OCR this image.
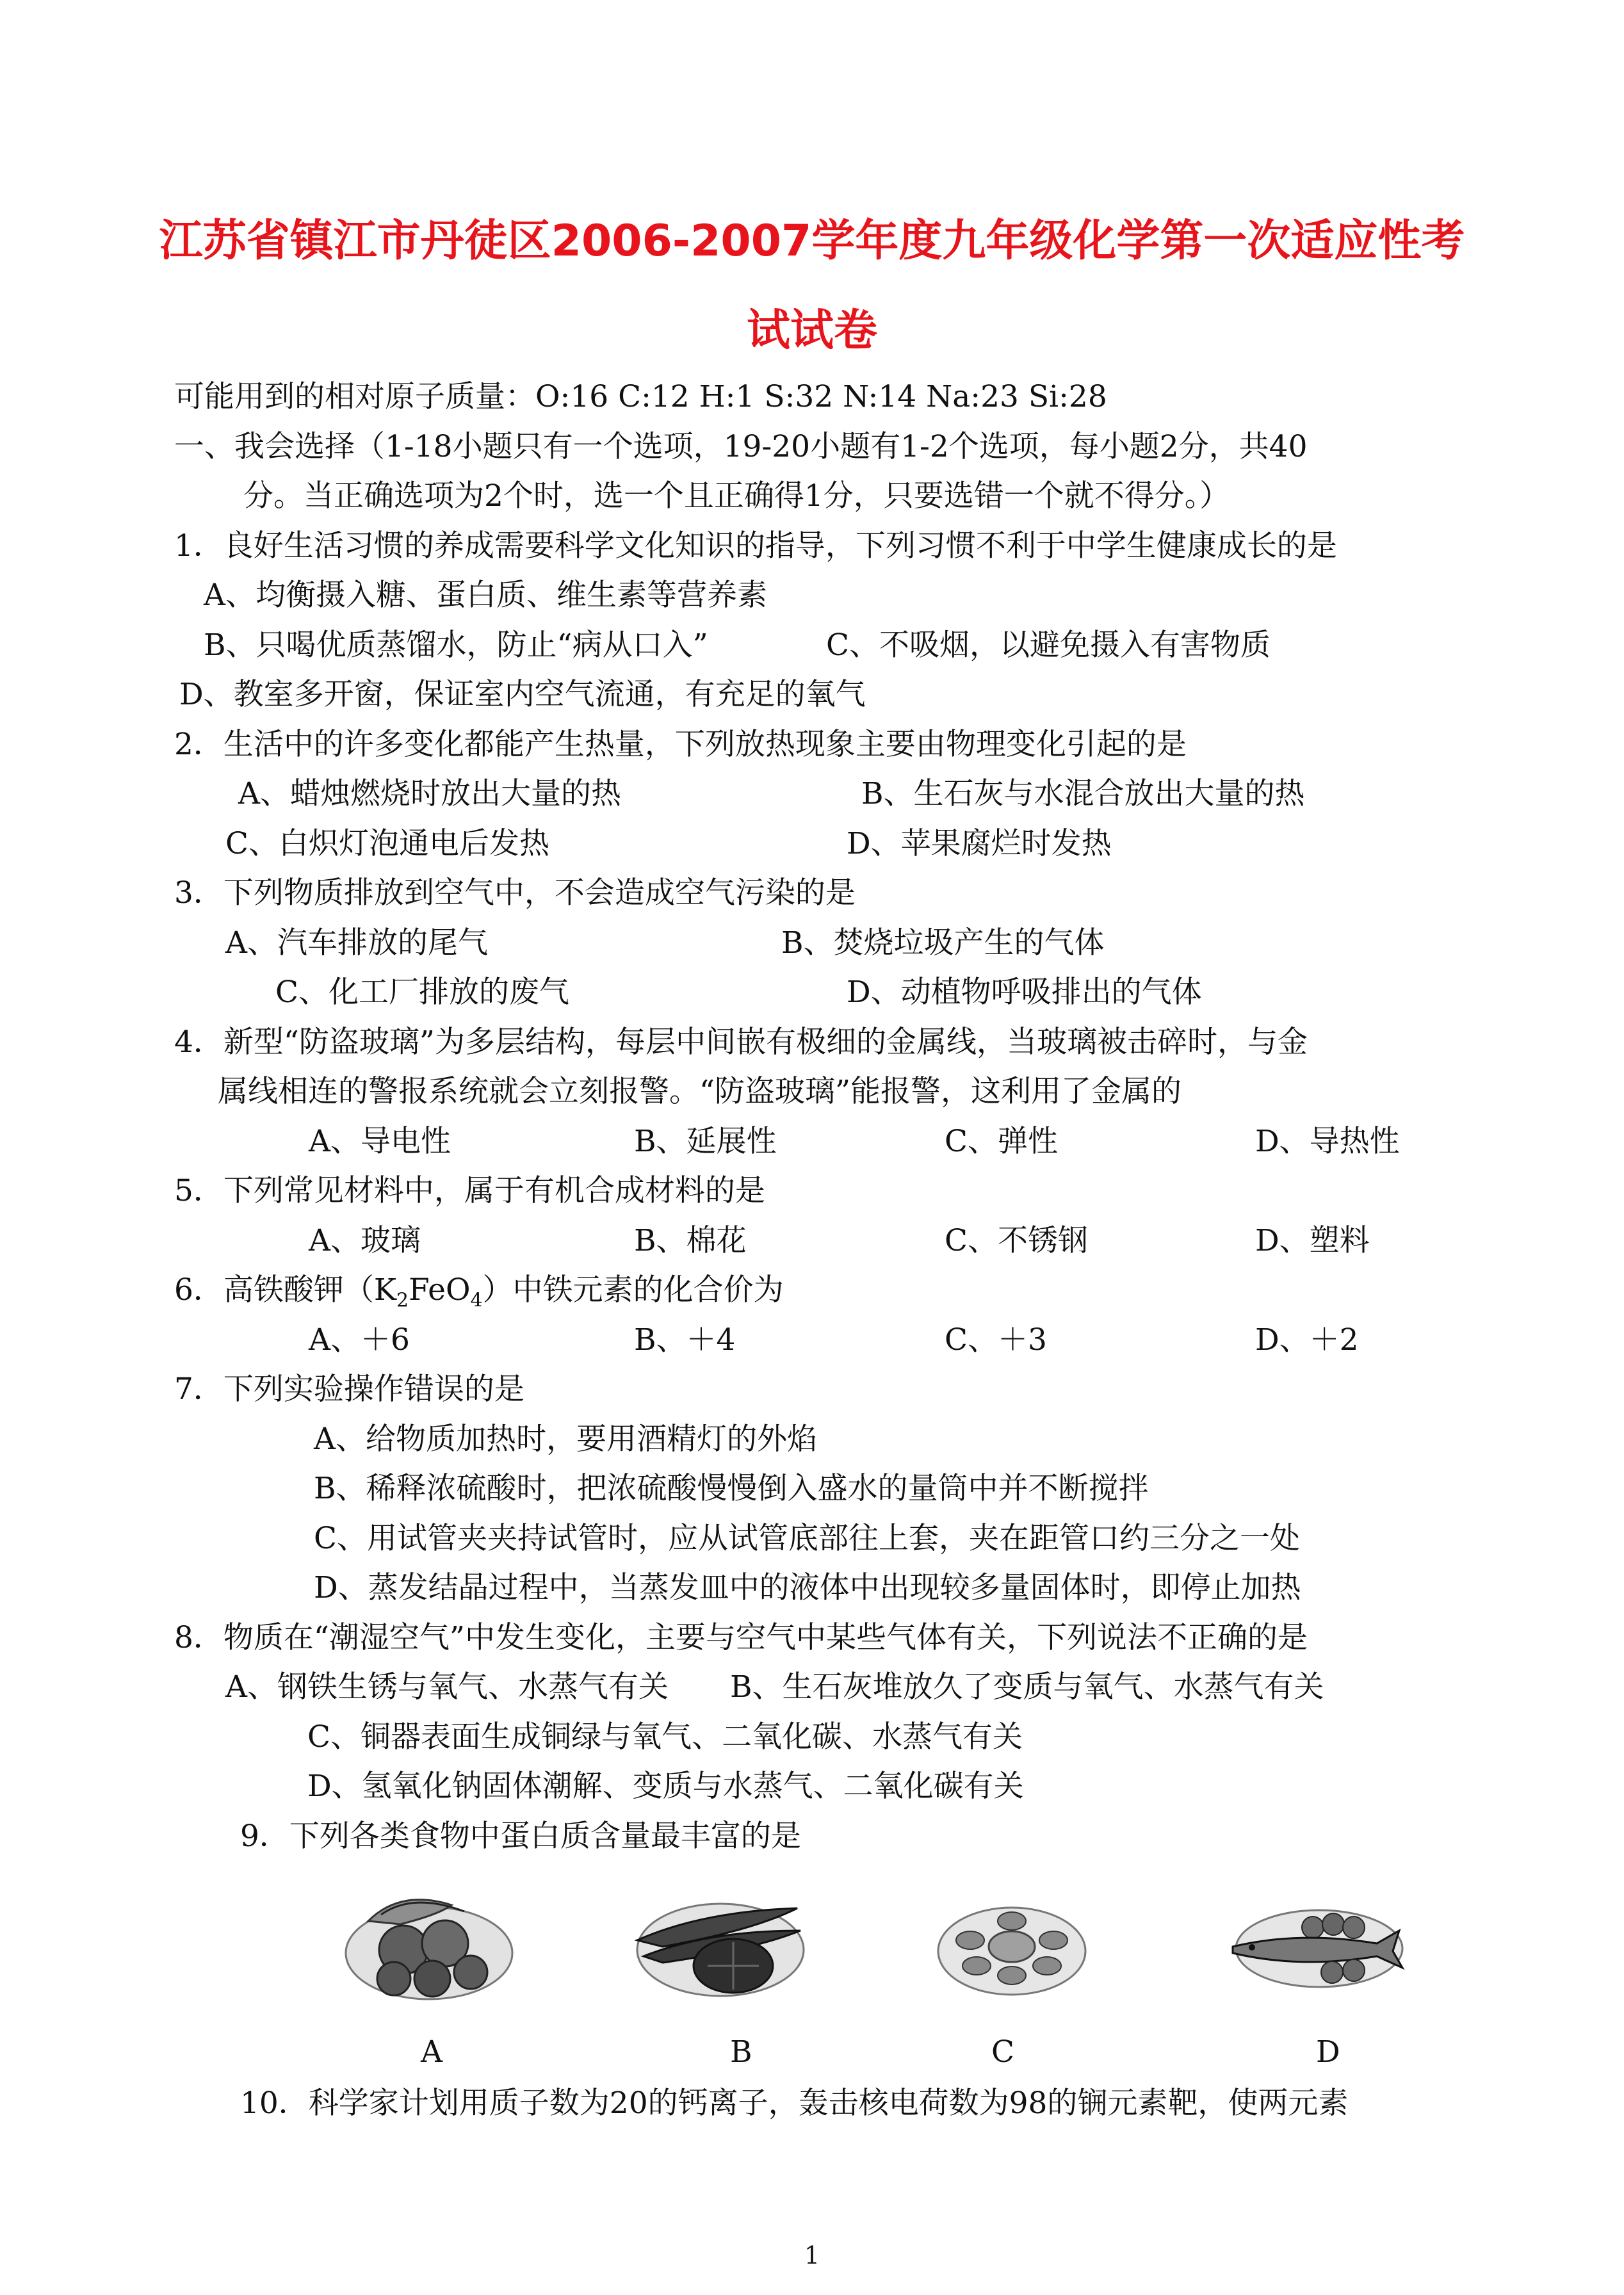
江苏省镇江市丹徒区2006-2007学年度九年级化学第一次适应性考
试试卷
可能用到的相对原子质量：O:16 C:12 H:1 S:32 N:14 Na:23 Si:28
一、我会选择（1-18小题只有一个选项，19-20小题有1-2个选项，每小题2分，共40
分。当正确选项为2个时，选一个且正确得1分，只要选错一个就不得分。）
1．良好生活习惯的养成需要科学文化知识的指导，下列习惯不利于中学生健康成长的是
A、均衡摄入糖、蛋白质、维生素等营养素
B、只喝优质蒸馏水，防止“病从口入”	C、不吸烟，以避免摄入有害物质
D、教室多开窗，保证室内空气流通，有充足的氧气
2．生活中的许多变化都能产生热量，下列放热现象主要由物理变化引起的是
A、蜡烛燃烧时放出大量的热	B、生石灰与水混合放出大量的热
C、白炽灯泡通电后发热	D、苹果腐烂时发热
3．下列物质排放到空气中，不会造成空气污染的是
A、汽车排放的尾气	B、焚烧垃圾产生的气体
C、化工厂排放的废气	D、动植物呼吸排出的气体
4．新型“防盗玻璃”为多层结构，每层中间嵌有极细的金属线，当玻璃被击碎时，与金
属线相连的警报系统就会立刻报警。“防盗玻璃”能报警，这利用了金属的
A、导电性	B、延展性	C、弹性	D、导热性
5．下列常见材料中，属于有机合成材料的是
A、玻璃	B、棉花	C、不锈钢	D、塑料
6．高铁酸钾$(K_2FeO_4)$中铁元素的化合价为
A、＋6	B、＋4	C、＋3	D、＋2
7．下列实验操作错误的是
A、给物质加热时，要用酒精灯的外焰
B、稀释浓硫酸时，把浓硫酸慢慢倒入盛水的量筒中并不断搅拌
C、用试管夹夹持试管时，应从试管底部往上套，夹在距管口约三分之一处
D、蒸发结晶过程中，当蒸发皿中的液体中出现较多量固体时，即停止加热
8．物质在“潮湿空气”中发生变化，主要与空气中某些气体有关，下列说法不正确的是
A、钢铁生锈与氧气、水蒸气有关 B、生石灰堆放久了变质与氧气、水蒸气有关
C、铜器表面生成铜绿与氧气、二氧化碳、水蒸气有关
D、氢氧化钠固体潮解、变质与水蒸气、二氧化碳有关
9．下列各类食物中蛋白质含量最丰富的是
A	B	C	D
10．科学家计划用质子数为20的钙离子，轰击核电荷数为98的锎元素靶，使两元素
1
